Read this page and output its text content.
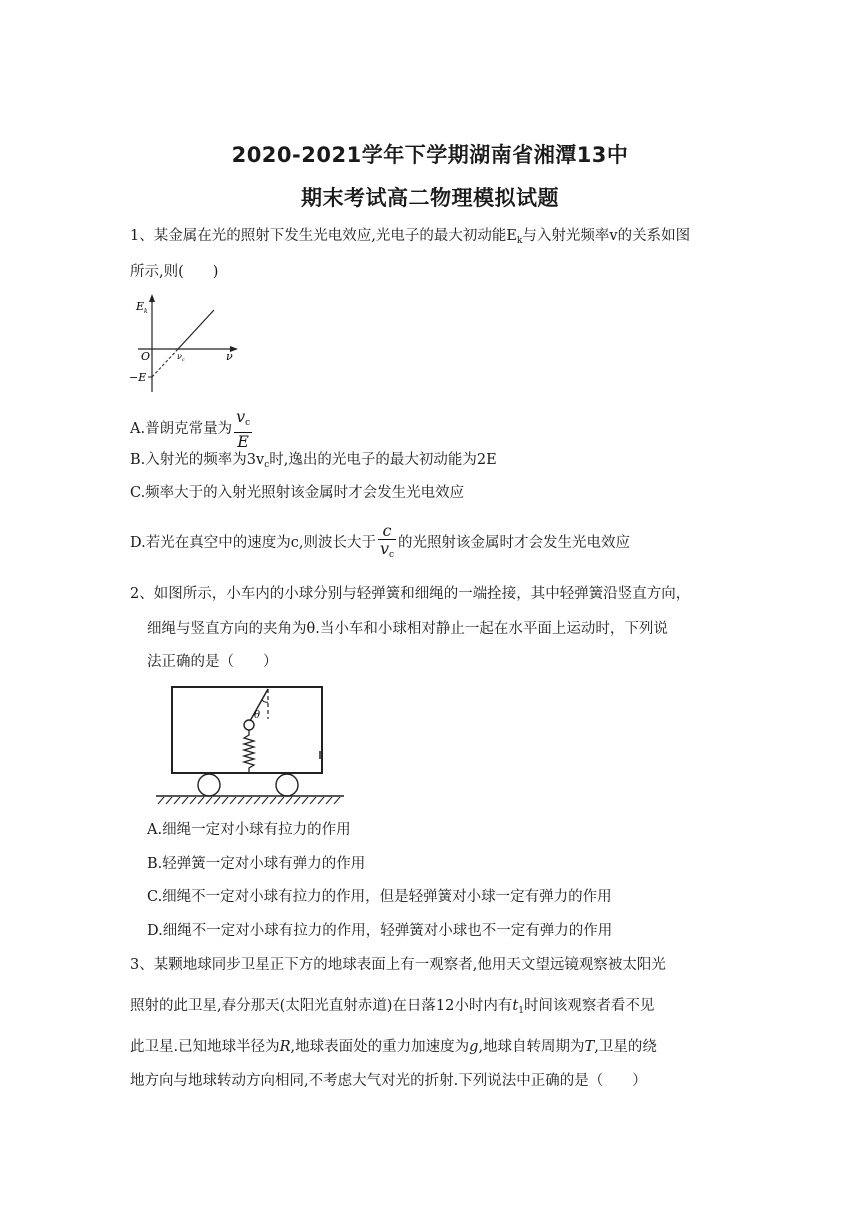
2020-2021学年下学期湖南省湘潭13中
期末考试高二物理模拟试题
1、某金属在光的照射下发生光电效应,光电子的最大初动能$E_k$与入射光频率v的关系如图
所示,则(　　)
$E_k$
O	ν
$\nu_c$
−E
A.普朗克常量为 $\frac{v_c}{E}$
B.入射光的频率为$3v_c$时,逸出的光电子的最大初动能为2E
C.频率大于的入射光照射该金属时才会发生光电效应
D.若光在真空中的速度为c,则波长大于 $\frac{c}{v_c}$ 的光照射该金属时才会发生光电效应
2、如图所示，小车内的小球分别与轻弹簧和细绳的一端拴接，其中轻弹簧沿竖直方向，
细绳与竖直方向的夹角为θ.当小车和小球相对静止一起在水平面上运动时，下列说
法正确的是（　　）
θ
A.细绳一定对小球有拉力的作用
B.轻弹簧一定对小球有弹力的作用
C.细绳不一定对小球有拉力的作用，但是轻弹簧对小球一定有弹力的作用
D.细绳不一定对小球有拉力的作用，轻弹簧对小球也不一定有弹力的作用
3、某颗地球同步卫星正下方的地球表面上有一观察者,他用天文望远镜观察被太阳光
照射的此卫星,春分那天(太阳光直射赤道)在日落12小时内有$t_1$时间该观察者看不见
此卫星.已知地球半径为R,地球表面处的重力加速度为g,地球自转周期为T,卫星的绕
地方向与地球转动方向相同,不考虑大气对光的折射.下列说法中正确的是（　　）
